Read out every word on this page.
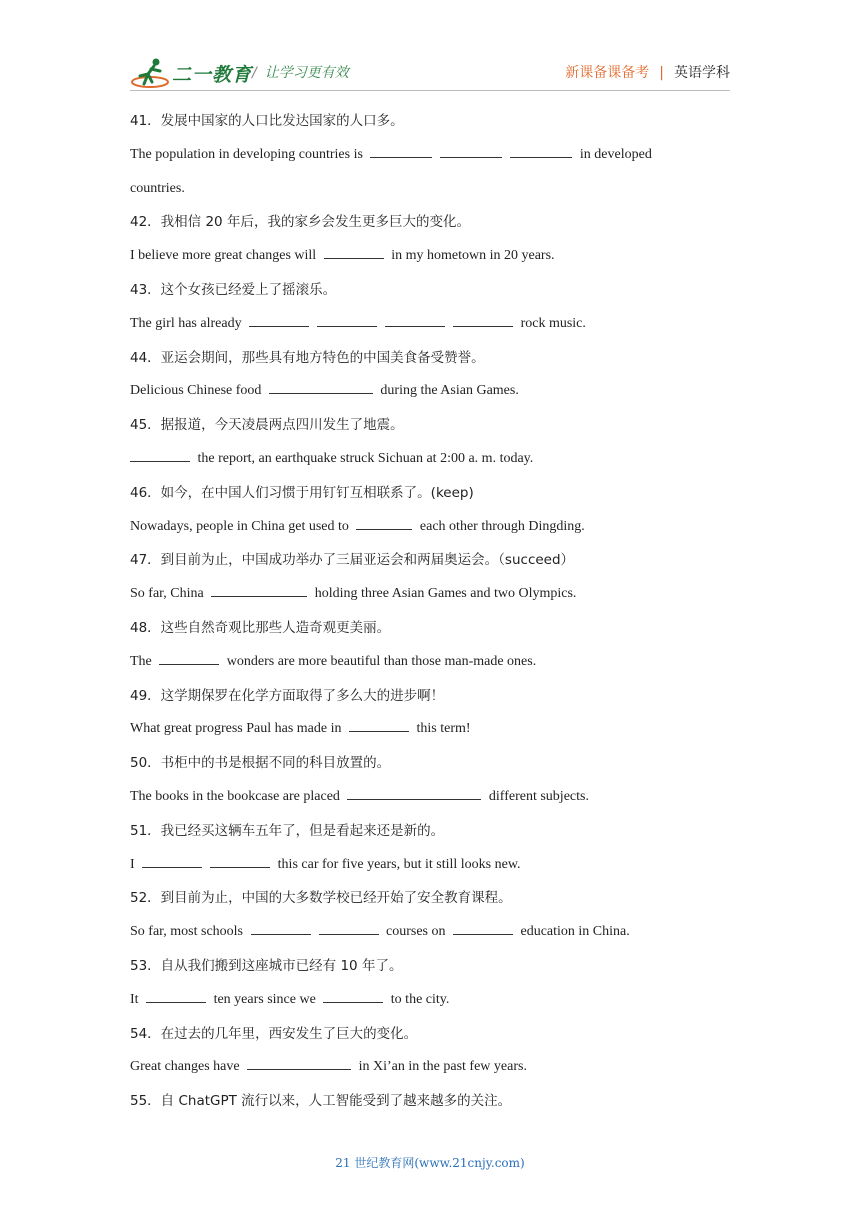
二一教育 / 让学习更有效	新课备课备考 | 英语学科
41．发展中国家的人口比发达国家的人口多。
The population in developing countries is	in developed
countries.
42．我相信 20 年后，我的家乡会发生更多巨大的变化。
I believe more great changes will	in my hometown in 20 years.
43．这个女孩已经爱上了摇滚乐。
The girl has already	rock music.
44．亚运会期间，那些具有地方特色的中国美食备受赞誉。
Delicious Chinese food	during the Asian Games.
45．据报道，今天凌晨两点四川发生了地震。
the report, an earthquake struck Sichuan at 2:00 a. m. today.
46．如今，在中国人们习惯于用钉钉互相联系了。(keep)
Nowadays, people in China get used to	each other through Dingding.
47．到目前为止，中国成功举办了三届亚运会和两届奥运会。（succeed）
So far, China	holding three Asian Games and two Olympics.
48．这些自然奇观比那些人造奇观更美丽。
The	wonders are more beautiful than those man-made ones.
49．这学期保罗在化学方面取得了多么大的进步啊！
What great progress Paul has made in	this term!
50．书柜中的书是根据不同的科目放置的。
The books in the bookcase are placed	different subjects.
51．我已经买这辆车五年了，但是看起来还是新的。
I	this car for five years, but it still looks new.
52．到目前为止，中国的大多数学校已经开始了安全教育课程。
So far, most schools	courses on	education in China.
53．自从我们搬到这座城市已经有 10 年了。
It	ten years since we	to the city.
54．在过去的几年里，西安发生了巨大的变化。
Great changes have	in Xi’an in the past few years.
55．自 ChatGPT 流行以来，人工智能受到了越来越多的关注。
21 世纪教育网(www.21cnjy.com)
